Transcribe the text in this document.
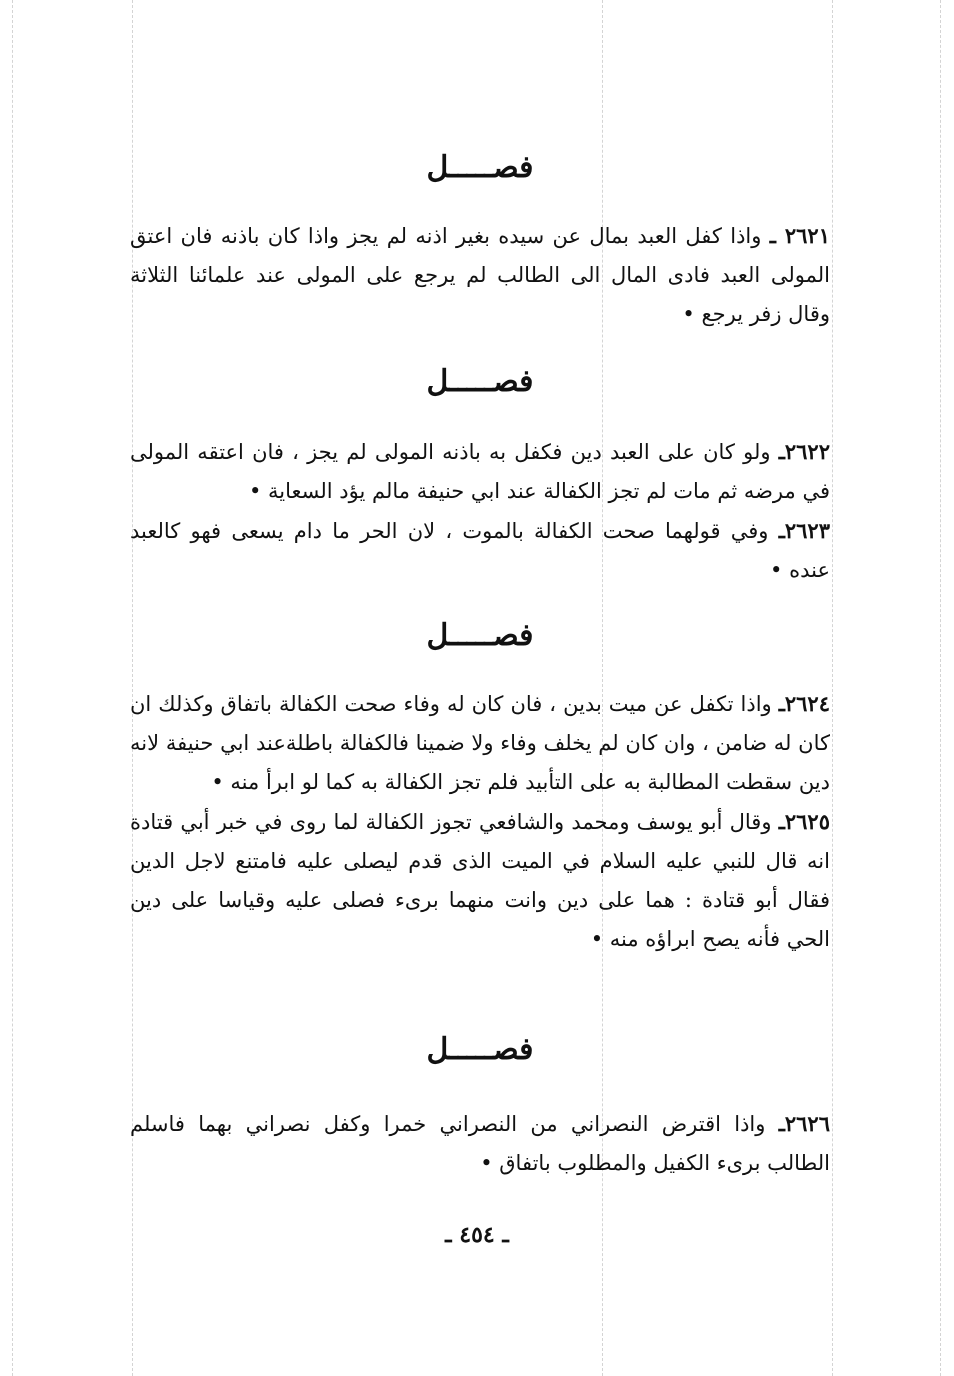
فصـــــل

٢٦٢١ ـ واذا كفل العبد بمال عن سيده بغير اذنه لم يجز واذا كان باذنه فان اعتق المولى العبد فادى المال الى الطالب لم يرجع على المولى عند علمائنا الثلاثة وقال زفر يرجع •

فصـــــل

٢٦٢٢ـ ولو كان على العبد دين فكفل به باذنه المولى لم يجز ، فان اعتقه المولى في مرضه ثم مات لم تجز الكفالة عند ابي حنيفة مالم يؤد السعاية •

٢٦٢٣ـ وفي قولهما صحت الكفالة بالموت ، لان الحر ما دام يسعى فهو كالعبد عنده •

فصـــــل

٢٦٢٤ـ واذا تكفل عن ميت بدين ، فان كان له وفاء صحت الكفالة باتفاق وكذلك ان كان له ضامن ، وان كان لم يخلف وفاء ولا ضمينا فالكفالة باطلةعند ابي حنيفة لانه دين سقطت المطالبة به على التأبيد فلم تجز الكفالة به كما لو ابرأ منه •

٢٦٢٥ـ وقال أبو يوسف ومحمد والشافعي تجوز الكفالة لما روى في خبر أبي قتادة انه قال للنبي عليه السلام في الميت الذى قدم ليصلى عليه فامتنع لاجل الدين فقال أبو قتادة : هما على دين وانت منهما برىء فصلى عليه وقياسا على دين الحي فأنه يصح ابراؤه منه •

فصـــــل

٢٦٢٦ـ واذا اقترض النصراني من النصراني خمرا وكفل نصراني بهما فاسلم الطالب برىء الكفيل والمطلوب باتفاق •

ـ ٤٥٤ ـ
